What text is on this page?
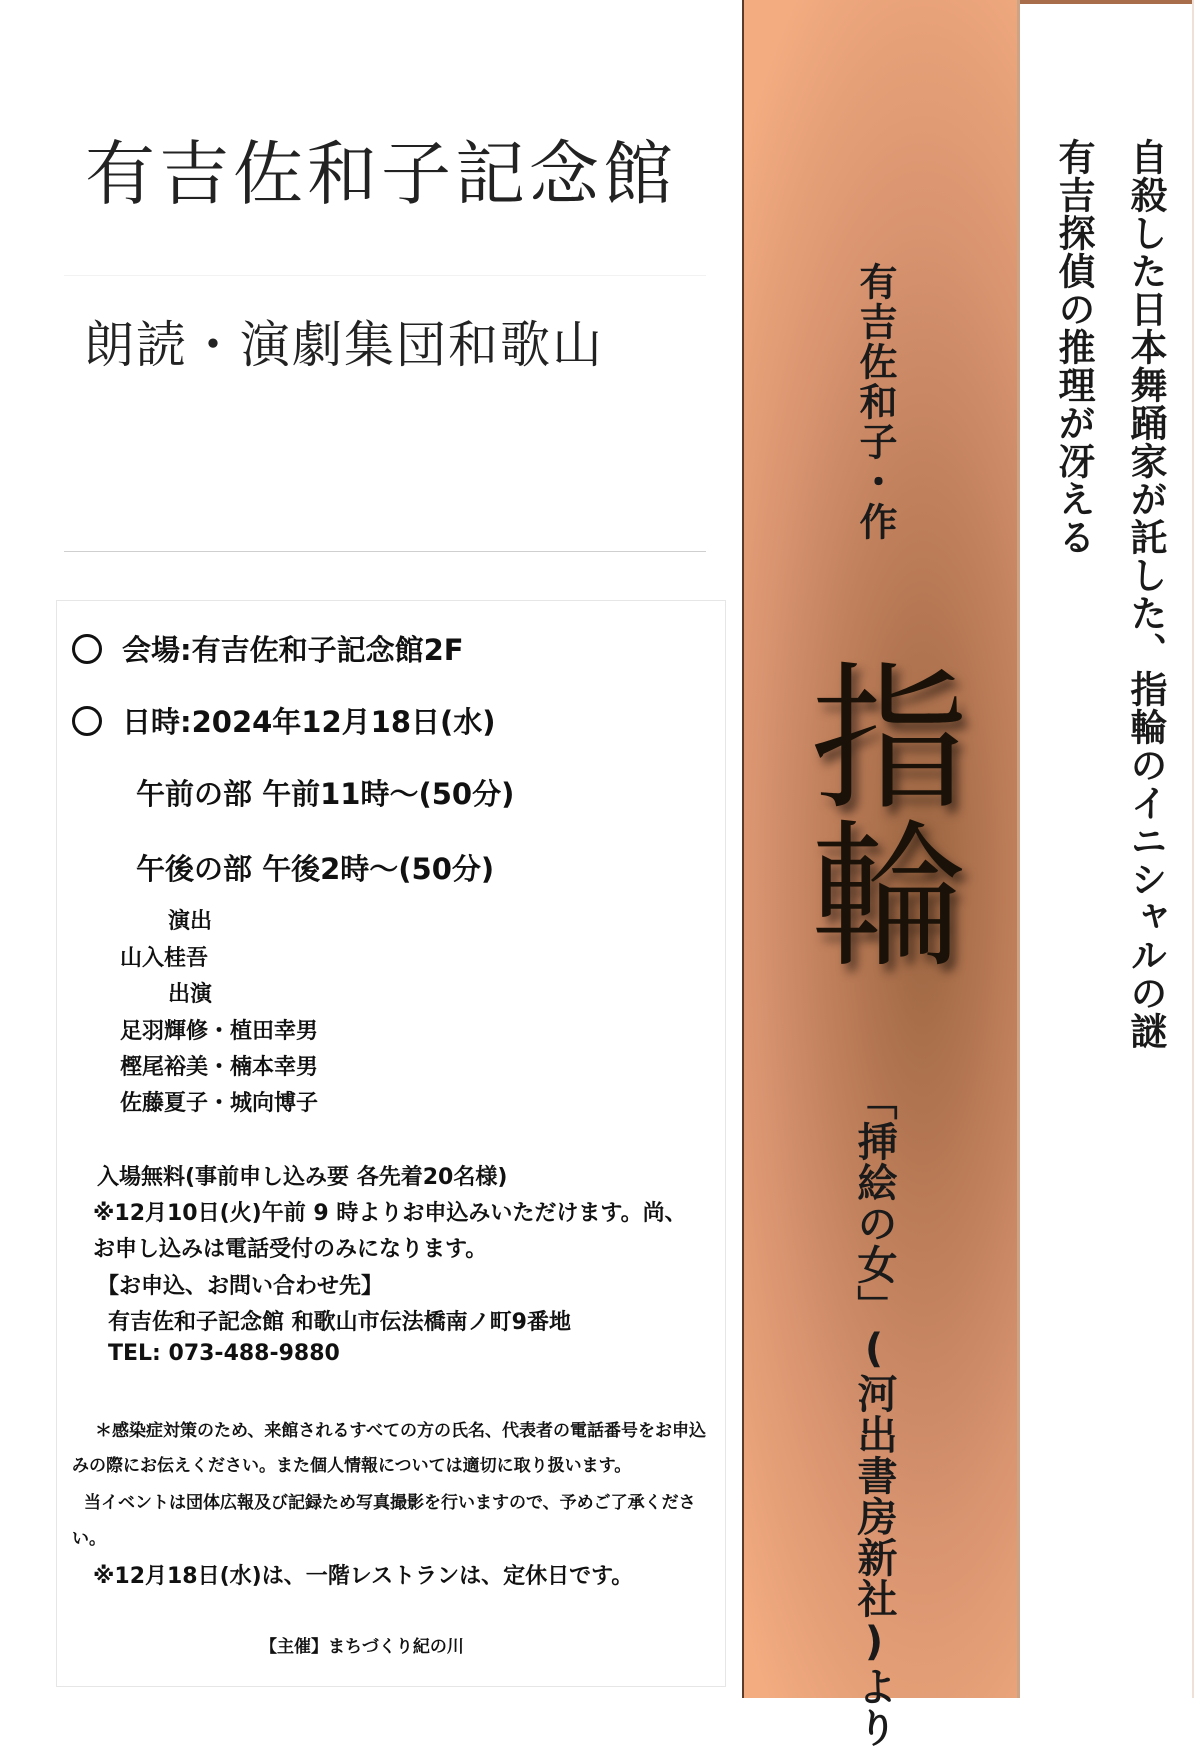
有吉佐和子記念館
朗読・演劇集団和歌山
会場:有吉佐和子記念館2F
日時:2024年12月18日(水)
午前の部 午前11時～(50分)
午後の部 午後2時～(50分)
演出
山入桂吾
出演
足羽輝修・植田幸男
樫尾裕美・楠本幸男
佐藤夏子・城向博子
入場無料(事前申し込み要 各先着20名様)
※12月10日(火)午前 9 時よりお申込みいただけます。尚、
お申し込みは電話受付のみになります。
【お申込、お問い合わせ先】
有吉佐和子記念館 和歌山市伝法橋南ノ町9番地
TEL: 073-488-9880
＊感染症対策のため、来館されるすべての方の氏名、代表者の電話番号をお申込
みの際にお伝えください。また個人情報については適切に取り扱います。
当イベントは団体広報及び記録ため写真撮影を行いますので、予めご了承くださ
い。
※12月18日(水)は、一階レストランは、定休日です。
【主催】まちづくり紀の川
有吉佐和子・作
指輪
「挿絵の女」(河出書房新社)より
自殺した日本舞踊家が託した、指輪のイニシャルの謎
有吉探偵の推理が冴える
